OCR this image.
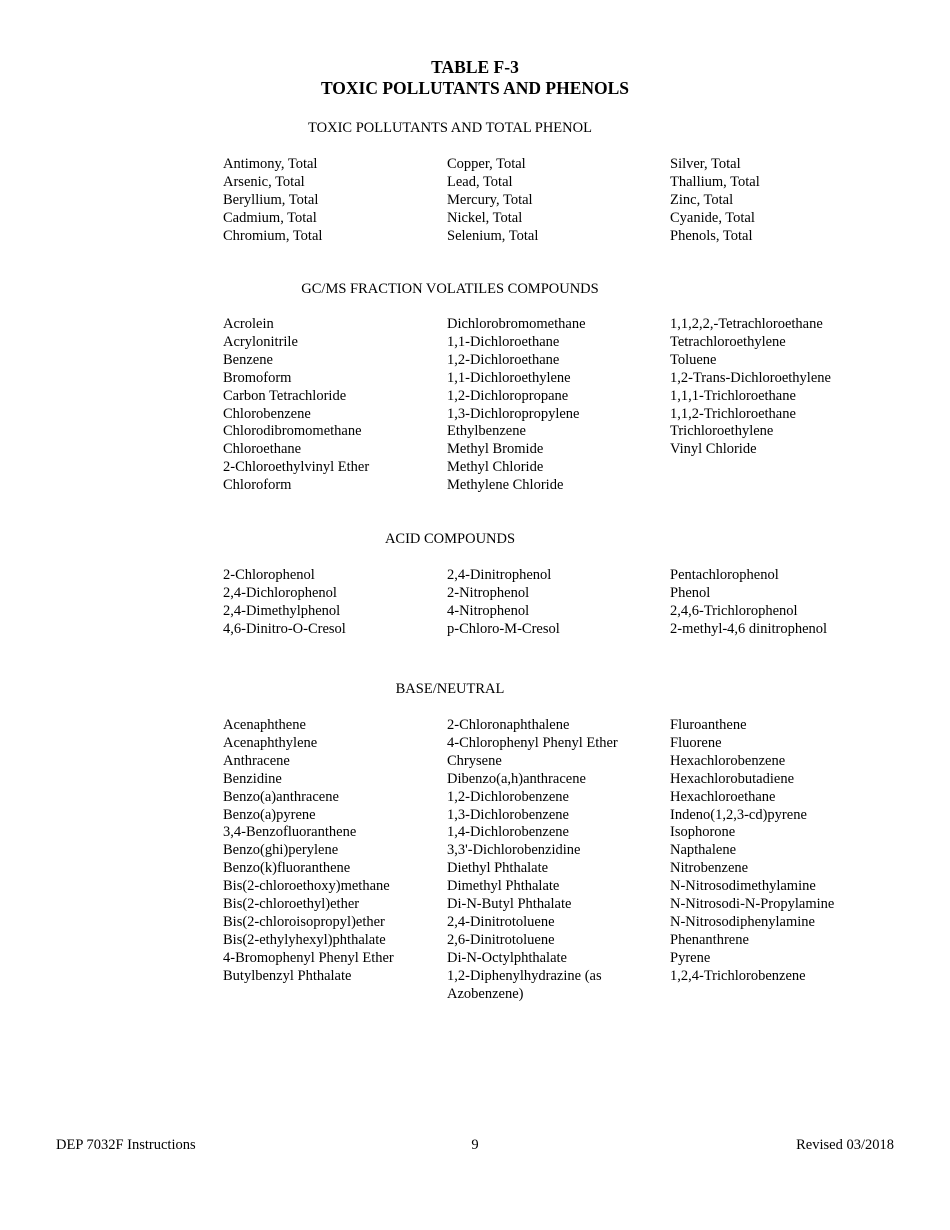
TABLE F-3
TOXIC POLLUTANTS AND PHENOLS
TOXIC POLLUTANTS AND TOTAL PHENOL
Antimony, Total
Arsenic, Total
Beryllium, Total
Cadmium, Total
Chromium, Total
Copper, Total
Lead, Total
Mercury, Total
Nickel, Total
Selenium, Total
Silver, Total
Thallium, Total
Zinc, Total
Cyanide, Total
Phenols, Total
GC/MS FRACTION VOLATILES COMPOUNDS
Acrolein
Acrylonitrile
Benzene
Bromoform
Carbon Tetrachloride
Chlorobenzene
Chlorodibromomethane
Chloroethane
2-Chloroethylvinyl Ether
Chloroform
Dichlorobromomethane
1,1-Dichloroethane
1,2-Dichloroethane
1,1-Dichloroethylene
1,2-Dichloropropane
1,3-Dichloropropylene
Ethylbenzene
Methyl Bromide
Methyl Chloride
Methylene Chloride
1,1,2,2,-Tetrachloroethane
Tetrachloroethylene
Toluene
1,2-Trans-Dichloroethylene
1,1,1-Trichloroethane
1,1,2-Trichloroethane
Trichloroethylene
Vinyl Chloride
ACID COMPOUNDS
2-Chlorophenol
2,4-Dichlorophenol
2,4-Dimethylphenol
4,6-Dinitro-O-Cresol
2,4-Dinitrophenol
2-Nitrophenol
4-Nitrophenol
p-Chloro-M-Cresol
Pentachlorophenol
Phenol
2,4,6-Trichlorophenol
2-methyl-4,6 dinitrophenol
BASE/NEUTRAL
Acenaphthene
Acenaphthylene
Anthracene
Benzidine
Benzo(a)anthracene
Benzo(a)pyrene
3,4-Benzofluoranthene
Benzo(ghi)perylene
Benzo(k)fluoranthene
Bis(2-chloroethoxy)methane
Bis(2-chloroethyl)ether
Bis(2-chloroisopropyl)ether
Bis(2-ethylyhexyl)phthalate
4-Bromophenyl Phenyl Ether
Butylbenzyl Phthalate
2-Chloronaphthalene
4-Chlorophenyl Phenyl Ether
Chrysene
Dibenzo(a,h)anthracene
1,2-Dichlorobenzene
1,3-Dichlorobenzene
1,4-Dichlorobenzene
3,3'-Dichlorobenzidine
Diethyl Phthalate
Dimethyl Phthalate
Di-N-Butyl Phthalate
2,4-Dinitrotoluene
2,6-Dinitrotoluene
Di-N-Octylphthalate
1,2-Diphenylhydrazine (as Azobenzene)
Fluroanthene
Fluorene
Hexachlorobenzene
Hexachlorobutadiene
Hexachloroethane
Indeno(1,2,3-cd)pyrene
Isophorone
Napthalene
Nitrobenzene
N-Nitrosodimethylamine
N-Nitrosodi-N-Propylamine
N-Nitrosodiphenylamine
Phenanthrene
Pyrene
1,2,4-Trichlorobenzene
DEP 7032F Instructions	9	Revised 03/2018
